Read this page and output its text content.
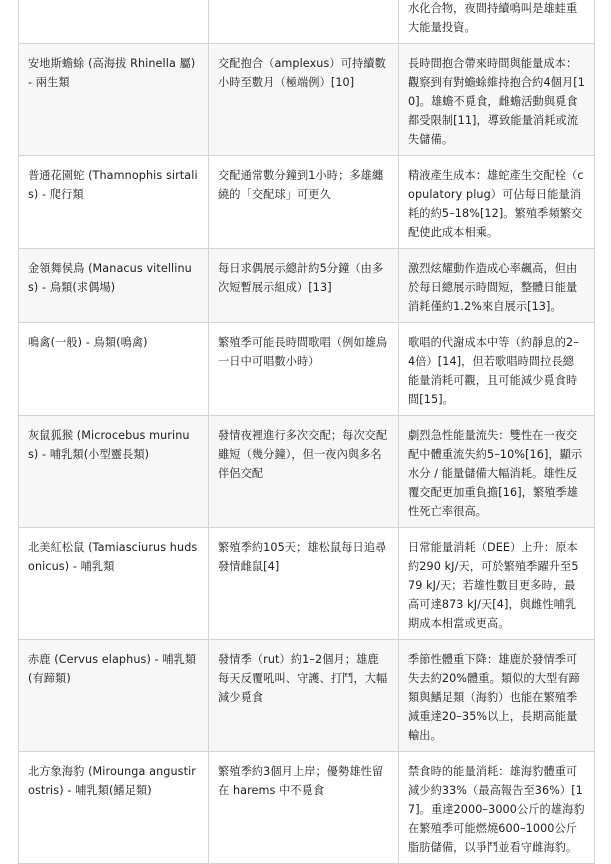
		水化合物，夜間持續鳴叫是雄蛙重大能量投資。
安地斯蟾蜍 (高海拔 Rhinella 屬) - 兩生類	交配抱合（amplexus）可持續數小時至數月（極端例）[10]	長時間抱合帶來時間與能量成本：觀察到有對蟾蜍維持抱合約4個月[10]。雄蟾不覓食，雌蟾活動與覓食都受限制[11]，導致能量消耗或流失儲備。
普通花園蛇 (Thamnophis sirtalis) - 爬行類	交配通常數分鐘到1小時；多雄纏繞的「交配球」可更久	精液產生成本：雄蛇產生交配栓（copulatory plug）可佔每日能量消耗的約5–18%[12]。繁殖季頻繁交配使此成本相乘。
金領舞侯鳥 (Manacus vitellinus) - 鳥類(求偶場)	每日求偶展示總計約5分鐘（由多次短暫展示組成）[13]	激烈炫耀動作造成心率飆高，但由於每日總展示時間短，整體日能量消耗僅約1.2%來自展示[13]。
鳴禽(一般) - 鳥類(鳴禽)	繁殖季可能長時間歌唱（例如雄鳥一日中可唱數小時）	歌唱的代謝成本中等（約靜息的2–4倍）[14]，但若歌唱時間拉長總能量消耗可觀，且可能減少覓食時間[15]。
灰鼠狐猴 (Microcebus murinus) - 哺乳類(小型靈長類)	發情夜裡進行多次交配；每次交配雖短（幾分鐘），但一夜內與多名伴侶交配	劇烈急性能量流失：雙性在一夜交配中體重流失約5–10%[16]，顯示水分 / 能量儲備大幅消耗。雄性反覆交配更加重負擔[16]，繁殖季雄性死亡率很高。
北美紅松鼠 (Tamiasciurus hudsonicus) - 哺乳類	繁殖季約105天；雄松鼠每日追尋發情雌鼠[4]	日常能量消耗（DEE）上升：原本約290 kJ/天，可於繁殖季躍升至579 kJ/天；若雄性數目更多時，最高可達873 kJ/天[4]，與雌性哺乳期成本相當或更高。
赤鹿 (Cervus elaphus) - 哺乳類(有蹄類)	發情季（rut）約1–2個月；雄鹿每天反覆吼叫、守護、打鬥，大幅減少覓食	季節性體重下降：雄鹿於發情季可失去約20%體重。類似的大型有蹄類與鰭足類（海豹）也能在繁殖季減重達20–35%以上，長期高能量輸出。
北方象海豹 (Mirounga angustirostris) - 哺乳類(鰭足類)	繁殖季約3個月上岸；優勢雄性留在 harems 中不覓食	禁食時的能量消耗：雄海豹體重可減少約33%（最高報告至36%）[17]。重達2000–3000公斤的雄海豹在繁殖季可能燃燒600–1000公斤脂肪儲備，以爭鬥並看守雌海豹。
